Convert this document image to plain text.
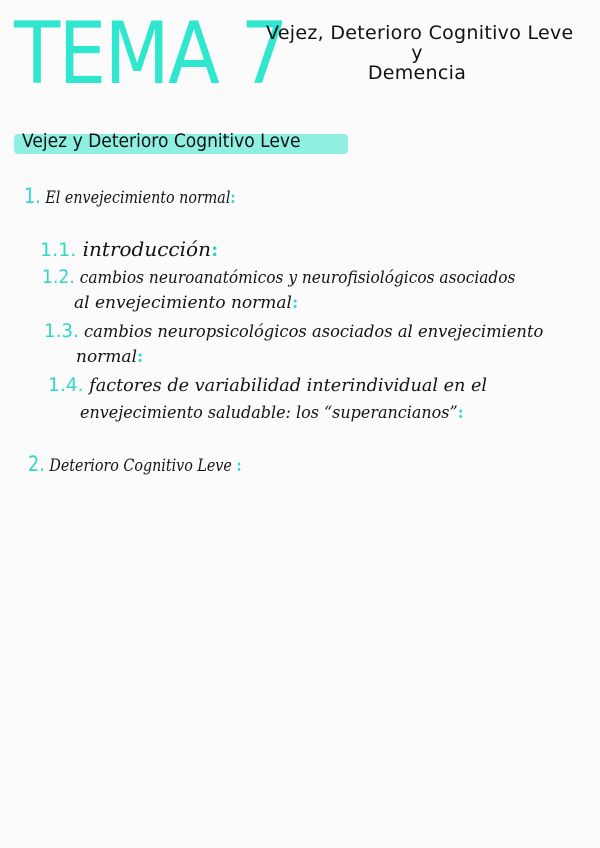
TEMA 7
Vejez, Deterioro Cognitivo Leve
y
Demencia
Vejez y Deterioro Cognitivo Leve
1. El envejecimiento normal:
1.1. introducción:
1.2. cambios neuroanatómicos y neurofisiológicos asociados
al envejecimiento normal:
1.3. cambios neuropsicológicos asociados al envejecimiento
normal:
1.4. factores de variabilidad interindividual en el
envejecimiento saludable: los “superancianos”:
2. Deterioro Cognitivo Leve :
